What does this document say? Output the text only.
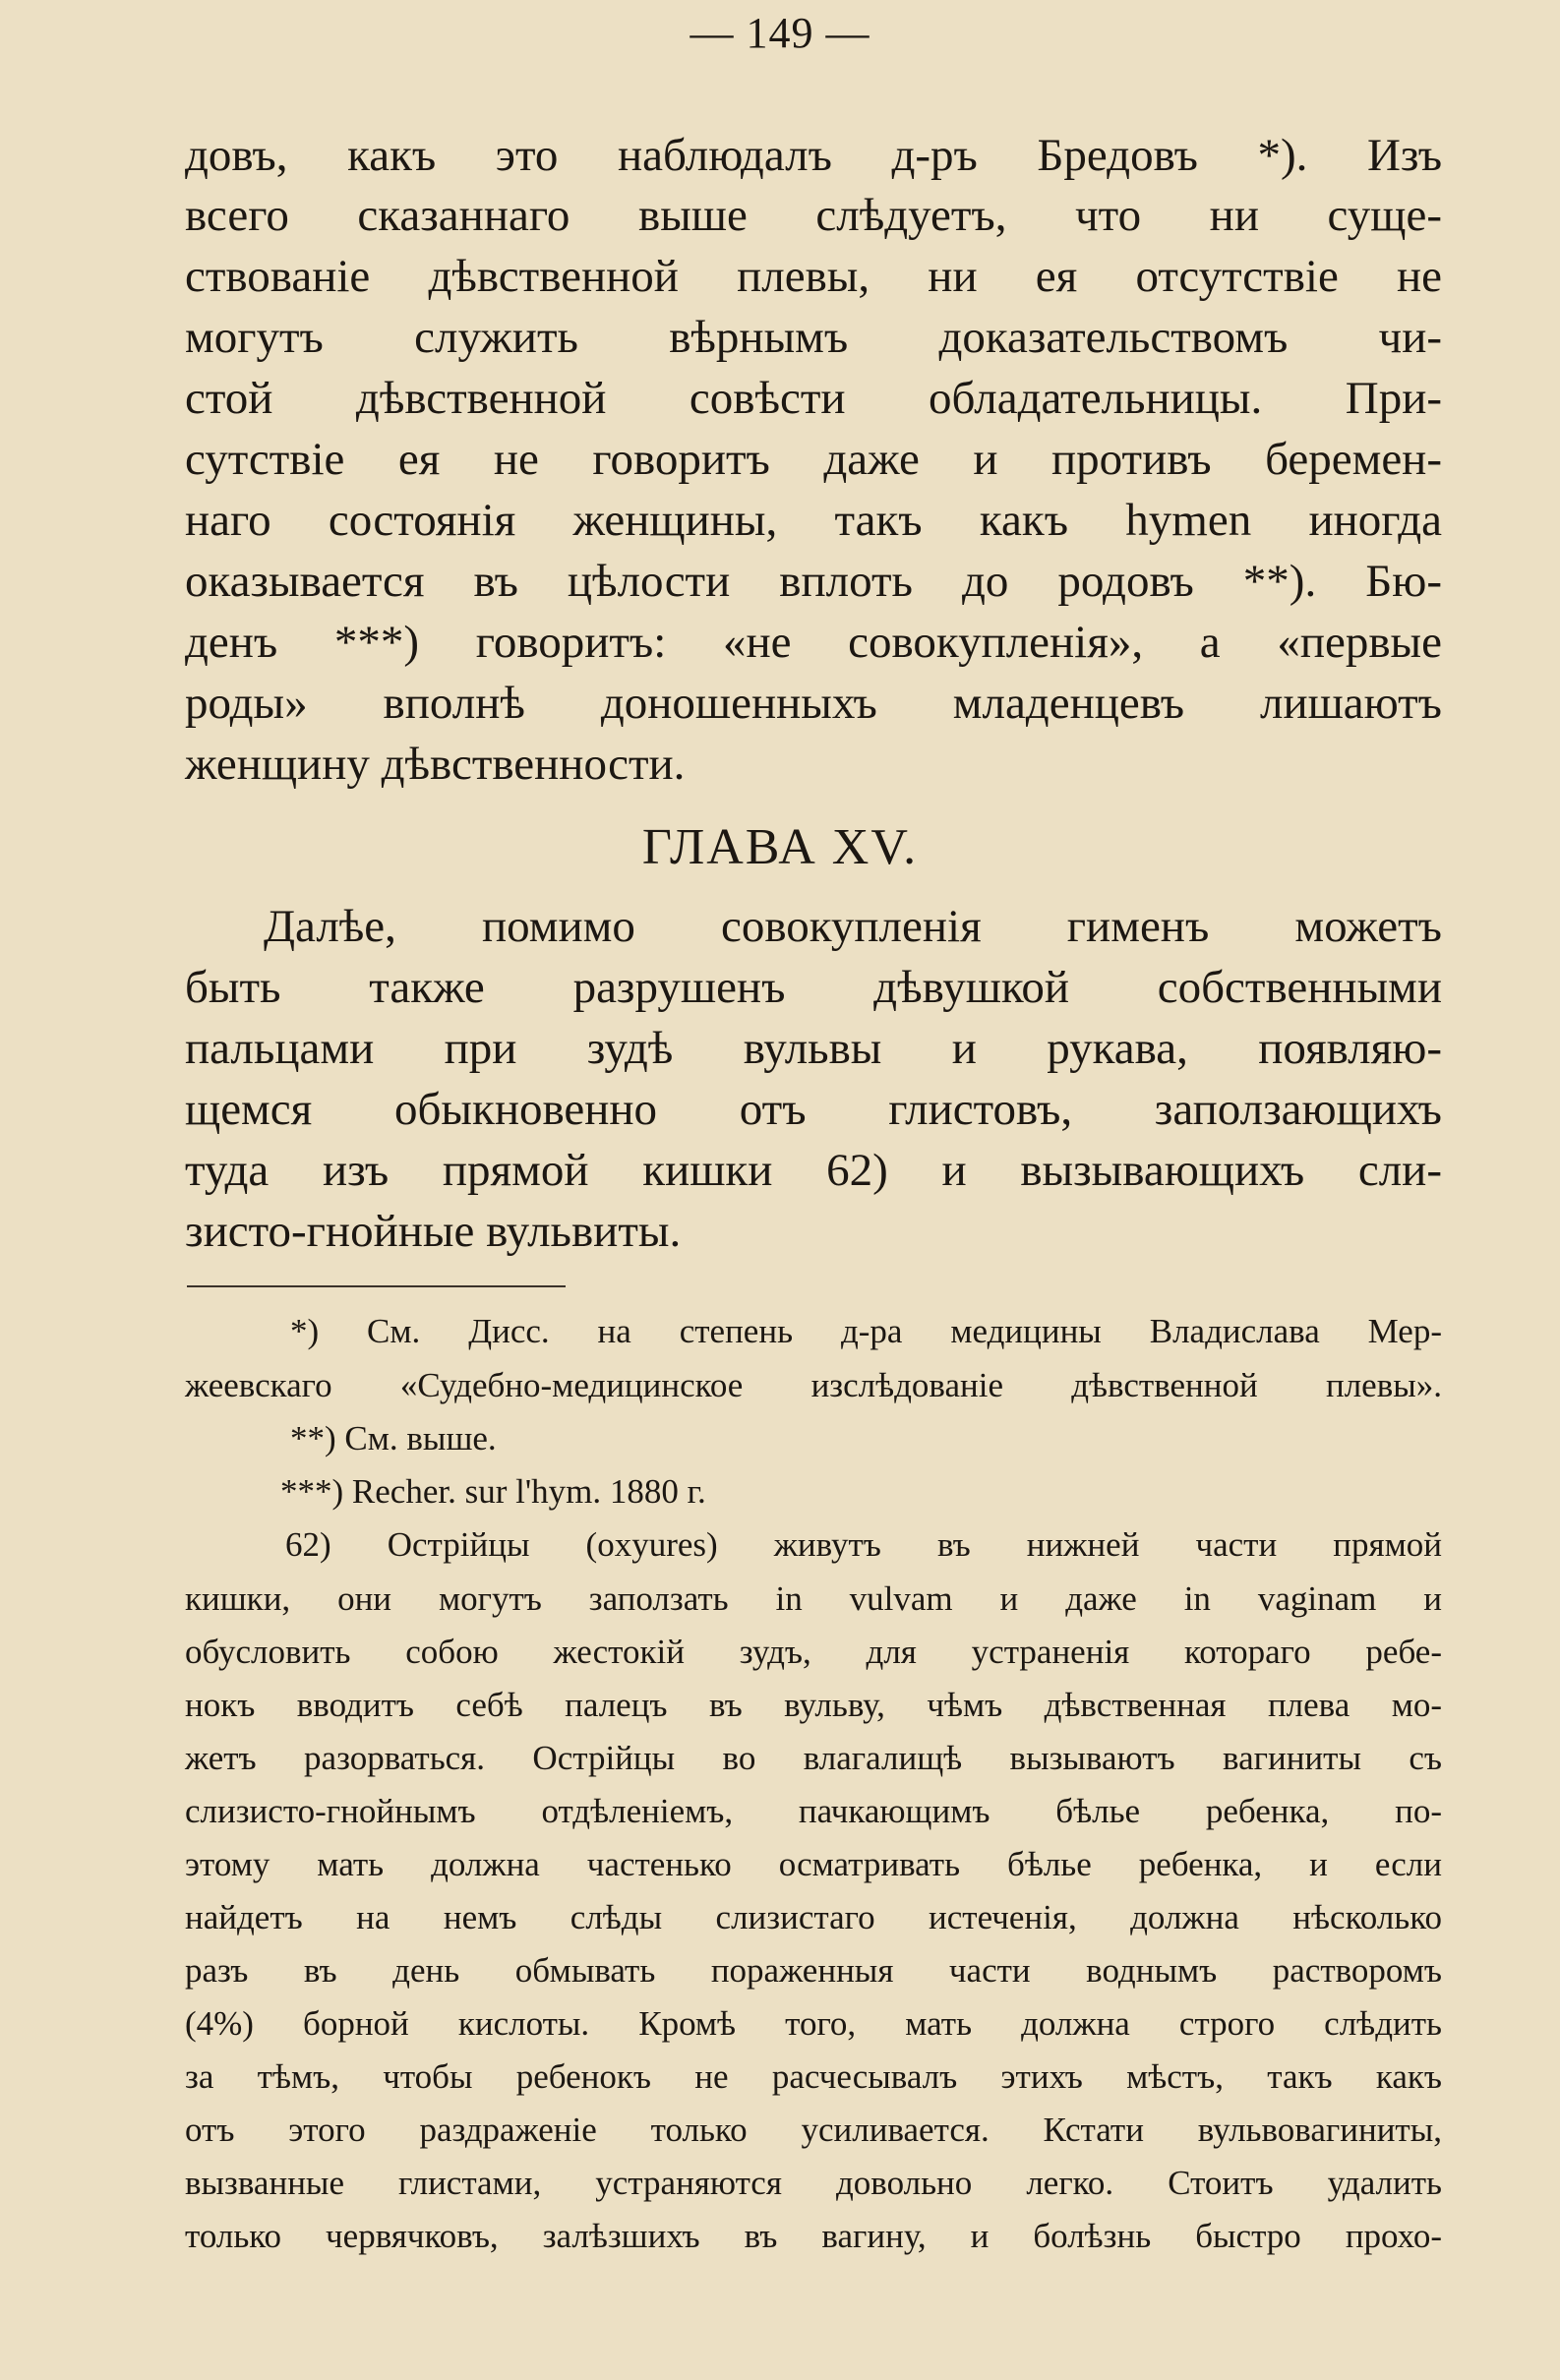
— 149 —
довъ, какъ это наблюдалъ д-ръ Бредовъ *). Изъ
всего сказаннаго выше слѣдуетъ, что ни суще-
ствованіе дѣвственной плевы, ни ея отсутствіе не
могутъ служить вѣрнымъ доказательствомъ чи-
стой дѣвственной совѣсти обладательницы. При-
сутствіе ея не говоритъ даже и противъ беремен-
наго состоянія женщины, такъ какъ hymen иногда
оказывается въ цѣлости вплоть до родовъ **). Бю-
денъ ***) говоритъ: «не совокупленія», а «первые
роды» вполнѣ доношенныхъ младенцевъ лишаютъ
женщину дѣвственности.
ГЛАВА XV.
Далѣе, помимо совокупленія гименъ можетъ
быть также разрушенъ дѣвушкой собственными
пальцами при зудѣ вульвы и рукава, появляю-
щемся обыкновенно отъ глистовъ, заползающихъ
туда изъ прямой кишки 62) и вызывающихъ сли-
зисто-гнойные вульвиты.
*) См. Дисс. на степень д-ра медицины Владислава Мер-
жеевскаго «Судебно-медицинское изслѣдованіе дѣвственной плевы».
**) См. выше.
***) Recher. sur l'hym. 1880 г.
62) Острійцы (oxyures) живутъ въ нижней части прямой
кишки, они могутъ заползать in vulvam и даже in vaginam и
обусловить собою жестокій зудъ, для устраненія котораго ребе-
нокъ вводитъ себѣ палецъ въ вульву, чѣмъ дѣвственная плева мо-
жетъ разорваться. Острійцы во влагалищѣ вызываютъ вагиниты съ
слизисто-гнойнымъ отдѣленіемъ, пачкающимъ бѣлье ребенка, по-
этому мать должна частенько осматривать бѣлье ребенка, и если
найдетъ на немъ слѣды слизистаго истеченія, должна нѣсколько
разъ въ день обмывать пораженныя части воднымъ растворомъ
(4%) борной кислоты. Кромѣ того, мать должна строго слѣдить
за тѣмъ, чтобы ребенокъ не расчесывалъ этихъ мѣстъ, такъ какъ
отъ этого раздраженіе только усиливается. Кстати вульвовагиниты,
вызванные глистами, устраняются довольно легко. Стоитъ удалить
только червячковъ, залѣзшихъ въ вагину, и болѣзнь быстро прохо-
